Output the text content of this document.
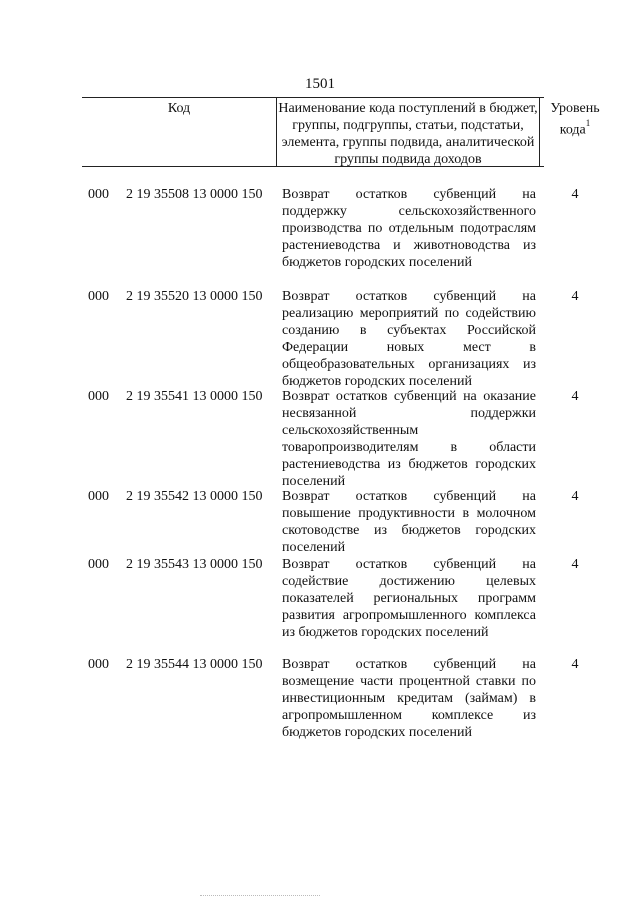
1501
Код	Наименование кода поступлений в бюджет, группы, подгруппы, статьи, подстатьи, элемента, группы подвида, аналитической группы подвида доходов
Уровень кода$^1$
000 2 19 35508 13 0000 150 Возврат остатков субвенций на поддержку сельскохозяйственного производства по отдельным подотраслям растениеводства и животноводства из бюджетов городских поселений
4
000 2 19 35520 13 0000 150 Возврат остатков субвенций на реализацию мероприятий по содействию созданию в субъектах Российской Федерации новых мест в общеобразовательных организациях из бюджетов городских поселений
4
000 2 19 35541 13 0000 150 Возврат остатков субвенций на оказание несвязанной поддержки сельскохозяйственным товаропроизводителям в области растениеводства из бюджетов городских поселений
4
000 2 19 35542 13 0000 150 Возврат остатков субвенций на повышение продуктивности в молочном скотоводстве из бюджетов городских поселений
4
000 2 19 35543 13 0000 150 Возврат остатков субвенций на содействие достижению целевых показателей региональных программ развития агропромышленного комплекса из бюджетов городских поселений
4
000 2 19 35544 13 0000 150 Возврат остатков субвенций на возмещение части процентной ставки по инвестиционным кредитам (займам) в агропромышленном комплексе из бюджетов городских поселений
4
